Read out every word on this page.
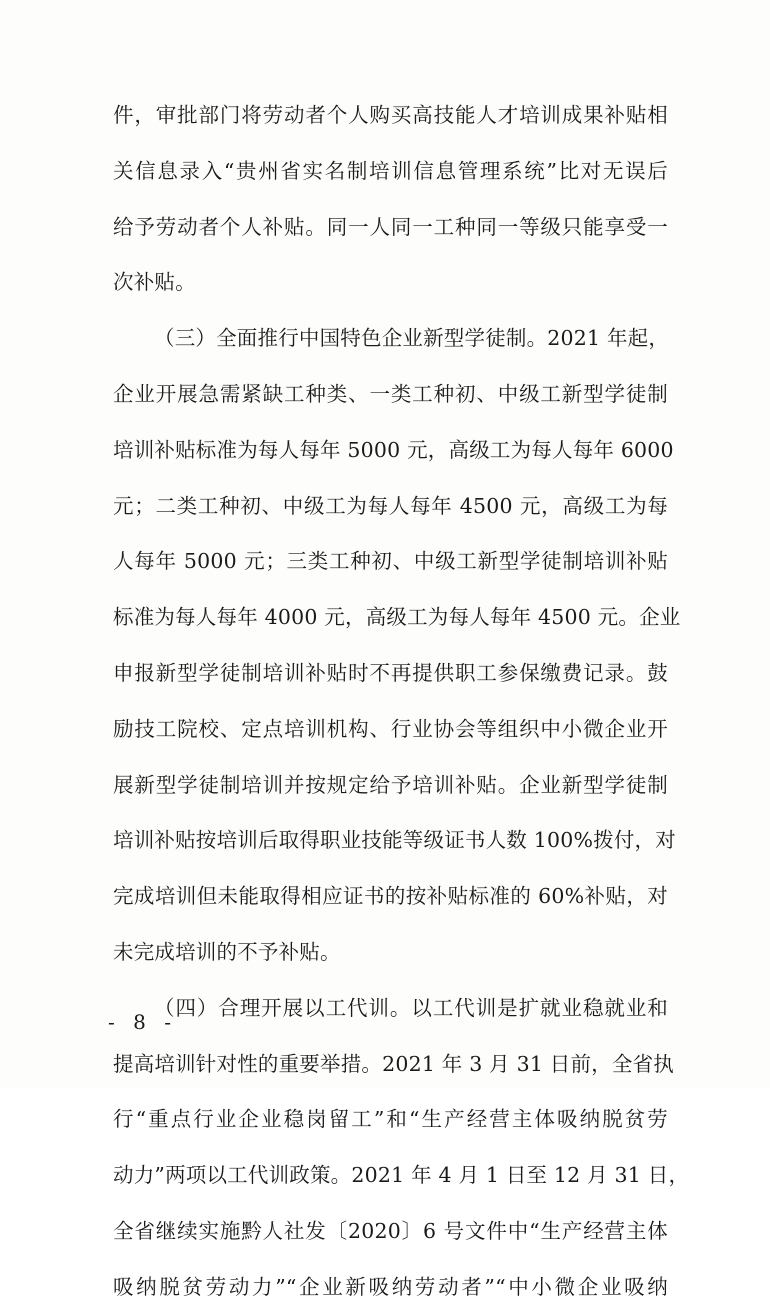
件，审批部门将劳动者个人购买高技能人才培训成果补贴相
关信息录入“贵州省实名制培训信息管理系统”比对无误后
给予劳动者个人补贴。同一人同一工种同一等级只能享受一
次补贴。
（三）全面推行中国特色企业新型学徒制。2021 年起，
企业开展急需紧缺工种类、一类工种初、中级工新型学徒制
培训补贴标准为每人每年 5000 元，高级工为每人每年 6000
元；二类工种初、中级工为每人每年 4500 元，高级工为每
人每年 5000 元；三类工种初、中级工新型学徒制培训补贴
标准为每人每年 4000 元，高级工为每人每年 4500 元。企业
申报新型学徒制培训补贴时不再提供职工参保缴费记录。鼓
励技工院校、定点培训机构、行业协会等组织中小微企业开
展新型学徒制培训并按规定给予培训补贴。企业新型学徒制
培训补贴按培训后取得职业技能等级证书人数 100%拨付，对
完成培训但未能取得相应证书的按补贴标准的 60%补贴，对
未完成培训的不予补贴。
（四）合理开展以工代训。以工代训是扩就业稳就业和
提高培训针对性的重要举措。2021 年 3 月 31 日前，全省执
行“重点行业企业稳岗留工”和“生产经营主体吸纳脱贫劳
动力”两项以工代训政策。2021 年 4 月 1 日至 12 月 31 日，
全省继续实施黔人社发〔2020〕6 号文件中“生产经营主体
吸纳脱贫劳动力”“企业新吸纳劳动者”“中小微企业吸纳
- 8 -
